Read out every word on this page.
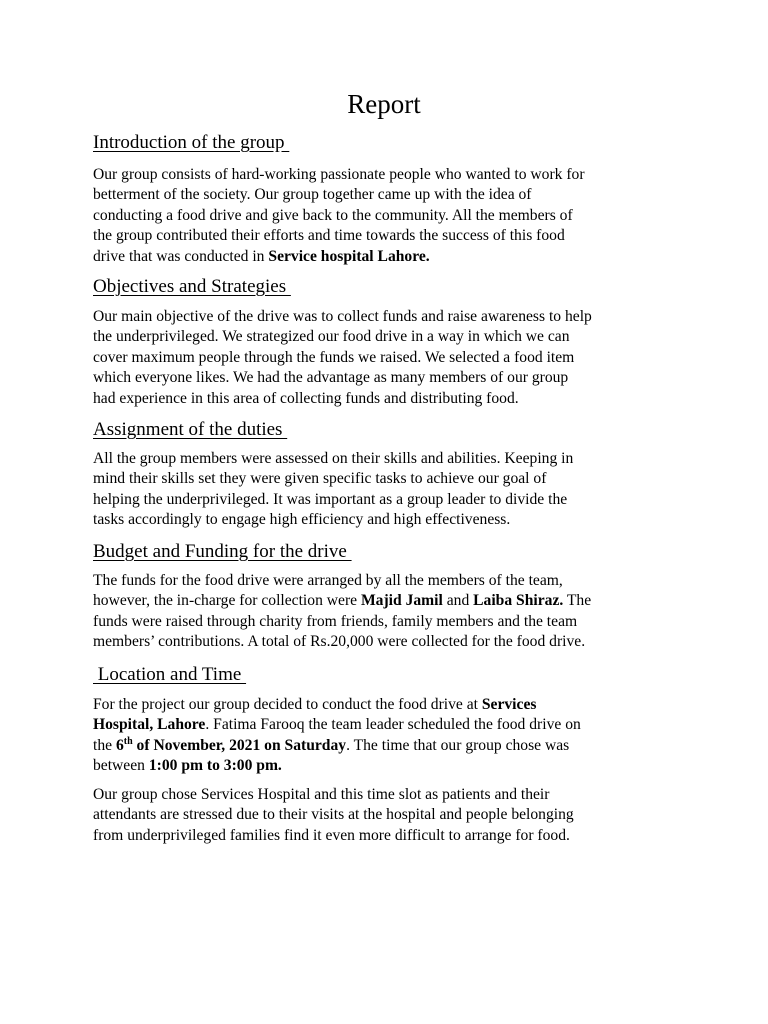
Report
Introduction of the group

Our group consists of hard-working passionate people who wanted to work for
betterment of the society. Our group together came up with the idea of
conducting a food drive and give back to the community. All the members of
the group contributed their efforts and time towards the success of this food
drive that was conducted in Service hospital Lahore.

Objectives and Strategies

Our main objective of the drive was to collect funds and raise awareness to help
the underprivileged. We strategized our food drive in a way in which we can
cover maximum people through the funds we raised. We selected a food item
which everyone likes. We had the advantage as many members of our group
had experience in this area of collecting funds and distributing food.

Assignment of the duties

All the group members were assessed on their skills and abilities. Keeping in
mind their skills set they were given specific tasks to achieve our goal of
helping the underprivileged. It was important as a group leader to divide the
tasks accordingly to engage high efficiency and high effectiveness.

Budget and Funding for the drive

The funds for the food drive were arranged by all the members of the team,
however, the in-charge for collection were Majid Jamil and Laiba Shiraz. The
funds were raised through charity from friends, family members and the team
members’ contributions. A total of Rs.20,000 were collected for the food drive.

Location and Time

For the project our group decided to conduct the food drive at Services
Hospital, Lahore. Fatima Farooq the team leader scheduled the food drive on
the 6th of November, 2021 on Saturday. The time that our group chose was
between 1:00 pm to 3:00 pm.

Our group chose Services Hospital and this time slot as patients and their
attendants are stressed due to their visits at the hospital and people belonging
from underprivileged families find it even more difficult to arrange for food.
